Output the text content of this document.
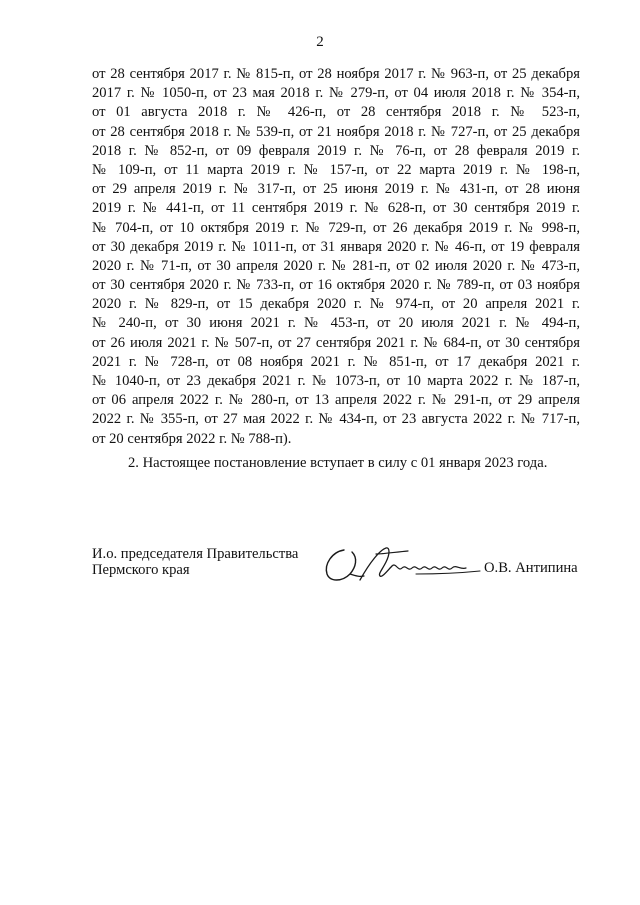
2
от 28 сентября 2017 г. № 815-п, от 28 ноября 2017 г. № 963-п, от 25 декабря
2017 г. № 1050-п, от 23 мая 2018 г. № 279-п, от 04 июля 2018 г. № 354-п,
от 01 августа 2018 г. № 426-п, от 28 сентября 2018 г. № 523-п,
от 28 сентября 2018 г. № 539-п, от 21 ноября 2018 г. № 727-п, от 25 декабря
2018 г. № 852-п, от 09 февраля 2019 г. № 76-п, от 28 февраля 2019 г.
№ 109-п, от 11 марта 2019 г. № 157-п, от 22 марта 2019 г. № 198-п,
от 29 апреля 2019 г. № 317-п, от 25 июня 2019 г. № 431-п, от 28 июня
2019 г. № 441-п, от 11 сентября 2019 г. № 628-п, от 30 сентября 2019 г.
№ 704-п, от 10 октября 2019 г. № 729-п, от 26 декабря 2019 г. № 998-п,
от 30 декабря 2019 г. № 1011-п, от 31 января 2020 г. № 46-п, от 19 февраля
2020 г. № 71-п, от 30 апреля 2020 г. № 281-п, от 02 июля 2020 г. № 473-п,
от 30 сентября 2020 г. № 733-п, от 16 октября 2020 г. № 789-п, от 03 ноября
2020 г. № 829-п, от 15 декабря 2020 г. № 974-п, от 20 апреля 2021 г.
№ 240-п, от 30 июня 2021 г. № 453-п, от 20 июля 2021 г. № 494-п,
от 26 июля 2021 г. № 507-п, от 27 сентября 2021 г. № 684-п, от 30 сентября
2021 г. № 728-п, от 08 ноября 2021 г. № 851-п, от 17 декабря 2021 г.
№ 1040-п, от 23 декабря 2021 г. № 1073-п, от 10 марта 2022 г. № 187-п,
от 06 апреля 2022 г. № 280-п, от 13 апреля 2022 г. № 291-п, от 29 апреля
2022 г. № 355-п, от 27 мая 2022 г. № 434-п, от 23 августа 2022 г. № 717-п,
от 20 сентября 2022 г. № 788-п).
2. Настоящее постановление вступает в силу с 01 января 2023 года.
И.о. председателя Правительства
Пермского края	О.В. Антипина
